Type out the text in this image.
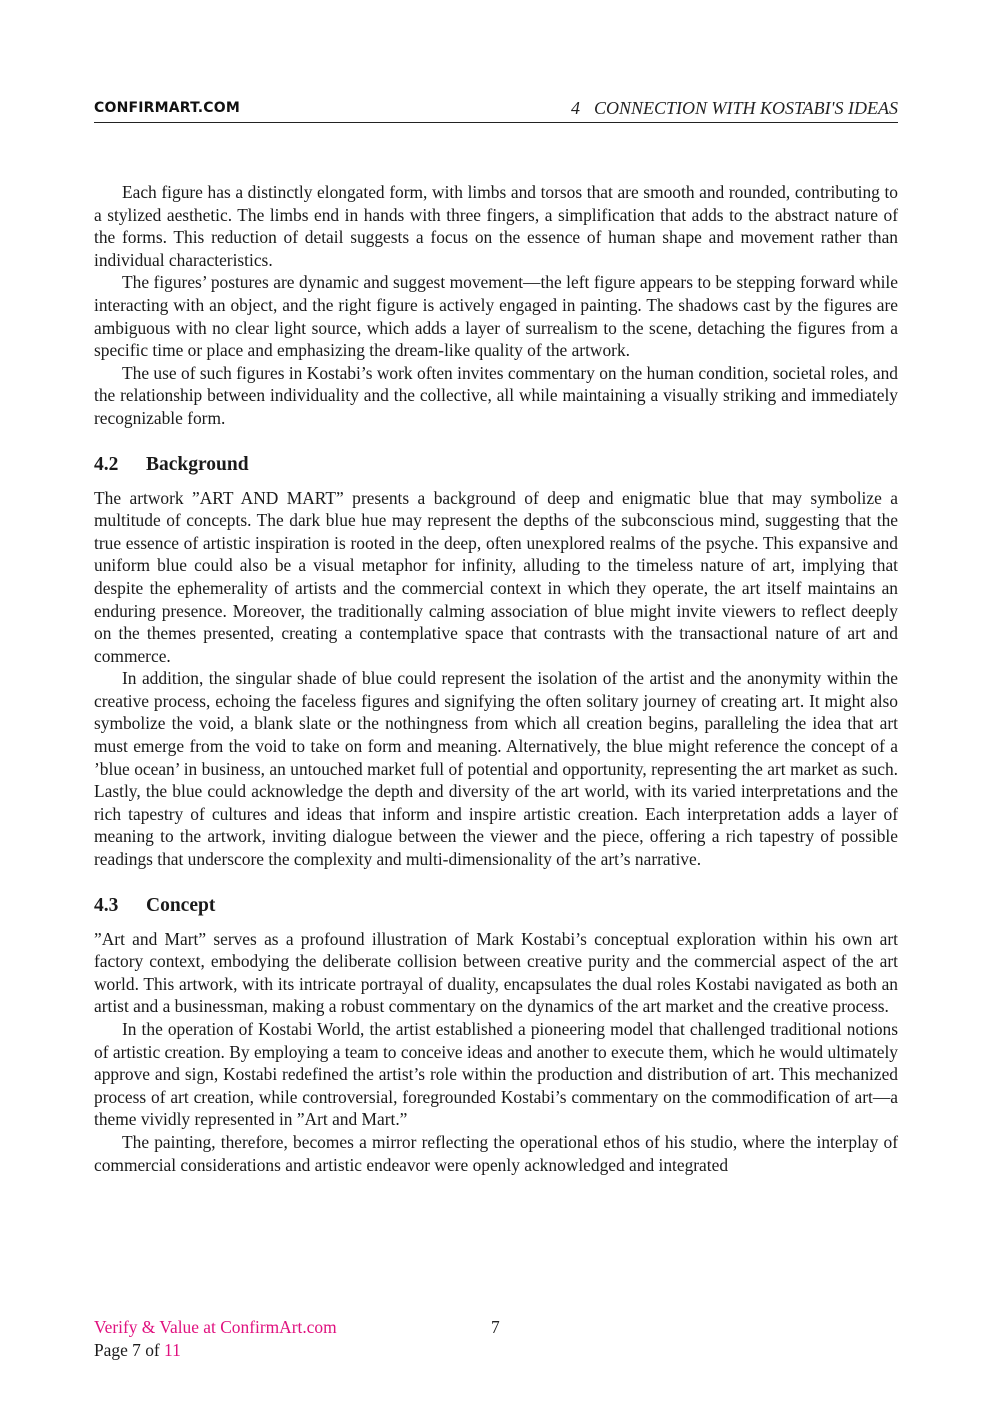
CONFIRMART.COM	4 CONNECTION WITH KOSTABI'S IDEAS

Each figure has a distinctly elongated form, with limbs and torsos that are smooth and rounded, contributing to a stylized aesthetic. The limbs end in hands with three fingers, a simplification that adds to the abstract nature of the forms. This reduction of detail suggests a focus on the essence of human shape and movement rather than individual characteristics.

The figures’ postures are dynamic and suggest movement—the left figure appears to be stepping forward while interacting with an object, and the right figure is actively engaged in painting. The shadows cast by the figures are ambiguous with no clear light source, which adds a layer of surrealism to the scene, detaching the figures from a specific time or place and emphasizing the dream-like quality of the artwork.

The use of such figures in Kostabi’s work often invites commentary on the human condition, societal roles, and the relationship between individuality and the collective, all while maintaining a visually striking and immediately recognizable form.

4.2 Background

The artwork ”ART AND MART” presents a background of deep and enigmatic blue that may symbolize a multitude of concepts. The dark blue hue may represent the depths of the subconscious mind, suggesting that the true essence of artistic inspiration is rooted in the deep, often unexplored realms of the psyche. This expansive and uniform blue could also be a visual metaphor for infinity, alluding to the timeless nature of art, implying that despite the ephemerality of artists and the commercial context in which they operate, the art itself maintains an enduring presence. Moreover, the traditionally calming association of blue might invite viewers to reflect deeply on the themes presented, creating a contemplative space that contrasts with the transactional nature of art and commerce.

In addition, the singular shade of blue could represent the isolation of the artist and the anonymity within the creative process, echoing the faceless figures and signifying the often solitary journey of creating art. It might also symbolize the void, a blank slate or the nothingness from which all creation begins, paralleling the idea that art must emerge from the void to take on form and meaning. Alternatively, the blue might reference the concept of a ’blue ocean’ in business, an untouched market full of potential and opportunity, representing the art market as such. Lastly, the blue could acknowledge the depth and diversity of the art world, with its varied interpretations and the rich tapestry of cultures and ideas that inform and inspire artistic creation. Each interpretation adds a layer of meaning to the artwork, inviting dialogue between the viewer and the piece, offering a rich tapestry of possible readings that underscore the complexity and multi-dimensionality of the art’s narrative.

4.3 Concept

”Art and Mart” serves as a profound illustration of Mark Kostabi’s conceptual exploration within his own art factory context, embodying the deliberate collision between creative purity and the commercial aspect of the art world. This artwork, with its intricate portrayal of duality, encapsulates the dual roles Kostabi navigated as both an artist and a businessman, making a robust commentary on the dynamics of the art market and the creative process.

In the operation of Kostabi World, the artist established a pioneering model that challenged traditional notions of artistic creation. By employing a team to conceive ideas and another to execute them, which he would ultimately approve and sign, Kostabi redefined the artist’s role within the production and distribution of art. This mechanized process of art creation, while controversial, foregrounded Kostabi’s commentary on the commodification of art—a theme vividly represented in ”Art and Mart.”

The painting, therefore, becomes a mirror reflecting the operational ethos of his studio, where the interplay of commercial considerations and artistic endeavor were openly acknowledged and integrated

Verify & Value at ConfirmArt.com	7
Page 7 of 11
